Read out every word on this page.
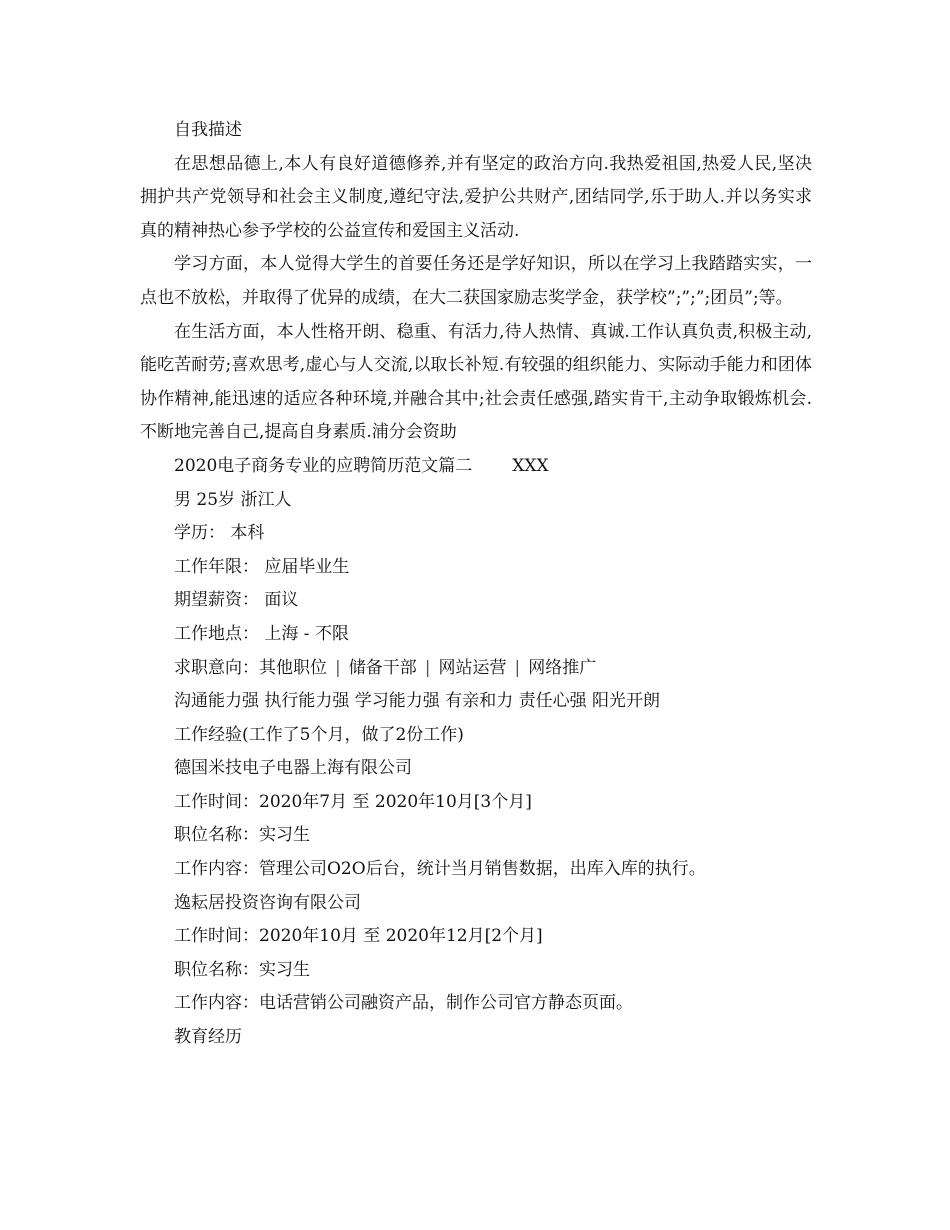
自我描述

在思想品德上,本人有良好道德修养,并有坚定的政治方向.我热爱祖国,热爱人民,坚决拥护共产党领导和社会主义制度,遵纪守法,爱护公共财产,团结同学,乐于助人.并以务实求真的精神热心参予学校的公益宣传和爱国主义活动.

学习方面，本人觉得大学生的首要任务还是学好知识，所以在学习上我踏踏实实，一点也不放松，并取得了优异的成绩，在大二获国家励志奖学金，获学校”;”;”;团员”;等。

在生活方面，本人性格开朗、稳重、有活力,待人热情、真诚.工作认真负责,积极主动,能吃苦耐劳;喜欢思考,虚心与人交流,以取长补短.有较强的组织能力、实际动手能力和团体协作精神,能迅速的适应各种环境,并融合其中;社会责任感强,踏实肯干,主动争取锻炼机会.不断地完善自己,提高自身素质.浦分会资助

2020电子商务专业的应聘简历范文篇二 XXX
男 25岁 浙江人
学历： 本科
工作年限： 应届毕业生
期望薪资： 面议
工作地点： 上海 - 不限
求职意向：其他职位 | 储备干部 | 网站运营 | 网络推广
沟通能力强 执行能力强 学习能力强 有亲和力 责任心强 阳光开朗
工作经验(工作了5个月，做了2份工作)
德国米技电子电器上海有限公司
工作时间：2020年7月 至 2020年10月[3个月]
职位名称：实习生
工作内容：管理公司O2O后台，统计当月销售数据，出库入库的执行。
逸耘居投资咨询有限公司
工作时间：2020年10月 至 2020年12月[2个月]
职位名称：实习生
工作内容：电话营销公司融资产品，制作公司官方静态页面。
教育经历
